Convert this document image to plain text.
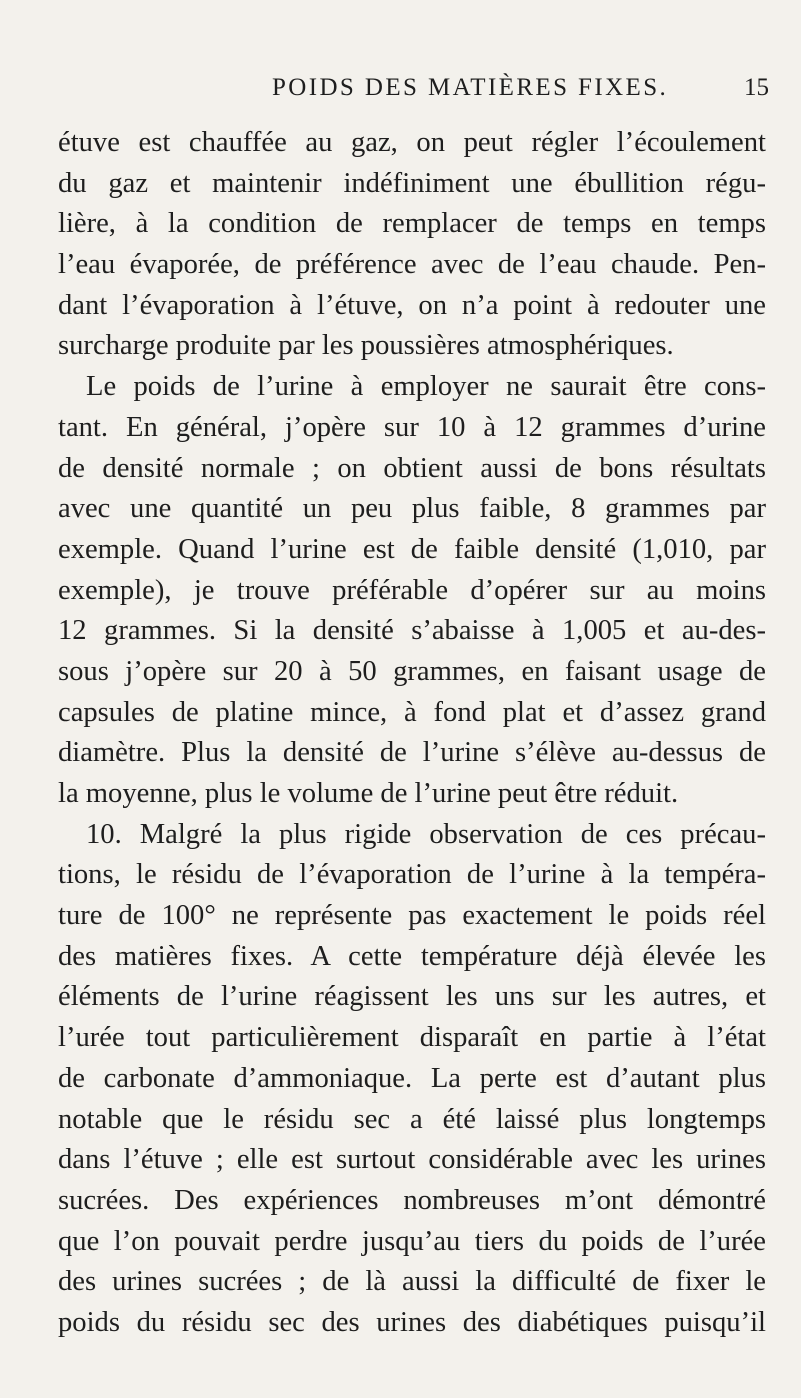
POIDS DES MATIÈRES FIXES.	15
étuve est chauffée au gaz, on peut régler l’écoulement
du gaz et maintenir indéfiniment une ébullition régu-
lière, à la condition de remplacer de temps en temps
l’eau évaporée, de préférence avec de l’eau chaude. Pen-
dant l’évaporation à l’étuve, on n’a point à redouter une
surcharge produite par les poussières atmosphériques.
Le poids de l’urine à employer ne saurait être cons-
tant. En général, j’opère sur 10 à 12 grammes d’urine
de densité normale ; on obtient aussi de bons résultats
avec une quantité un peu plus faible, 8 grammes par
exemple. Quand l’urine est de faible densité (1,010, par
exemple), je trouve préférable d’opérer sur au moins
12 grammes. Si la densité s’abaisse à 1,005 et au-des-
sous j’opère sur 20 à 50 grammes, en faisant usage de
capsules de platine mince, à fond plat et d’assez grand
diamètre. Plus la densité de l’urine s’élève au-dessus de
la moyenne, plus le volume de l’urine peut être réduit.
10. Malgré la plus rigide observation de ces précau-
tions, le résidu de l’évaporation de l’urine à la tempéra-
ture de 100° ne représente pas exactement le poids réel
des matières fixes. A cette température déjà élevée les
éléments de l’urine réagissent les uns sur les autres, et
l’urée tout particulièrement disparaît en partie à l’état
de carbonate d’ammoniaque. La perte est d’autant plus
notable que le résidu sec a été laissé plus longtemps
dans l’étuve ; elle est surtout considérable avec les urines
sucrées. Des expériences nombreuses m’ont démontré
que l’on pouvait perdre jusqu’au tiers du poids de l’urée
des urines sucrées ; de là aussi la difficulté de fixer le
poids du résidu sec des urines des diabétiques puisqu’il
